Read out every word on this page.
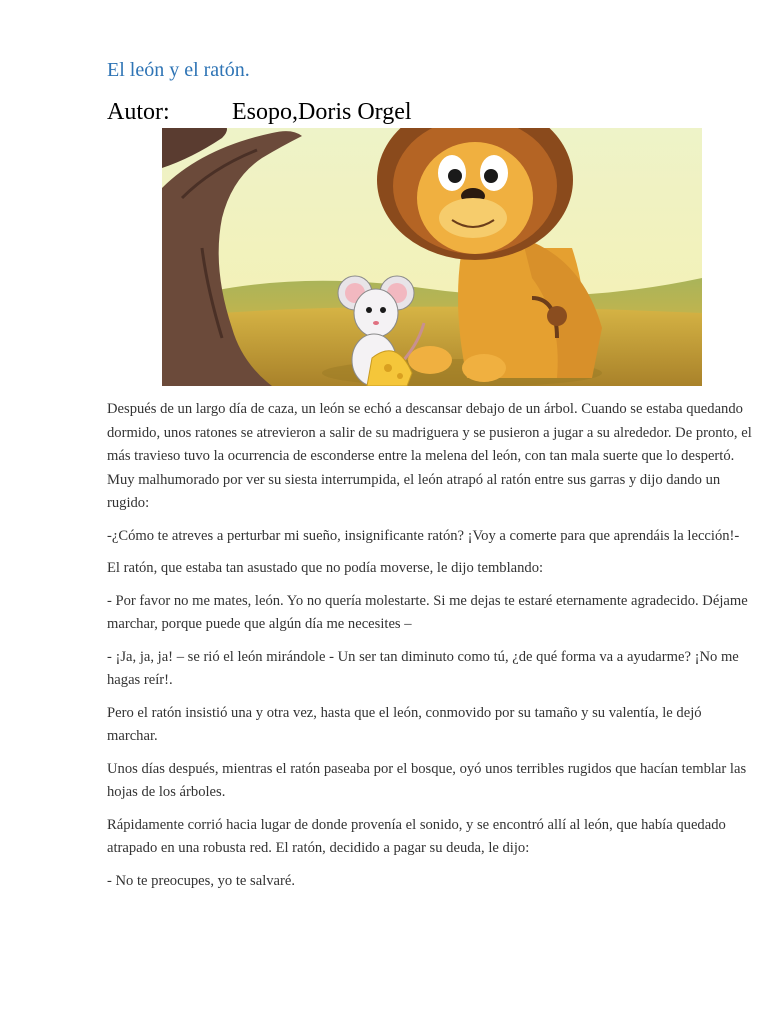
El león y el ratón.
Autor:	Esopo,Doris Orgel

Después de un largo día de caza, un león se echó a descansar debajo de un árbol. Cuando se estaba quedando dormido, unos ratones se atrevieron a salir de su madriguera y se pusieron a jugar a su alrededor. De pronto, el más travieso tuvo la ocurrencia de esconderse entre la melena del león, con tan mala suerte que lo despertó. Muy malhumorado por ver su siesta interrumpida, el león atrapó al ratón entre sus garras y dijo dando un rugido:

-¿Cómo te atreves a perturbar mi sueño, insignificante ratón? ¡Voy a comerte para que aprendáis la lección!-

El ratón, que estaba tan asustado que no podía moverse, le dijo temblando:

- Por favor no me mates, león. Yo no quería molestarte. Si me dejas te estaré eternamente agradecido. Déjame marchar, porque puede que algún día me necesites –

- ¡Ja, ja, ja! – se rió el león mirándole - Un ser tan diminuto como tú, ¿de qué forma va a ayudarme? ¡No me hagas reír!.

Pero el ratón insistió una y otra vez, hasta que el león, conmovido por su tamaño y su valentía, le dejó marchar.

Unos días después, mientras el ratón paseaba por el bosque, oyó unos terribles rugidos que hacían temblar las hojas de los árboles.

Rápidamente corrió hacia lugar de donde provenía el sonido, y se encontró allí al león, que había quedado atrapado en una robusta red. El ratón, decidido a pagar su deuda, le dijo:

- No te preocupes, yo te salvaré.
